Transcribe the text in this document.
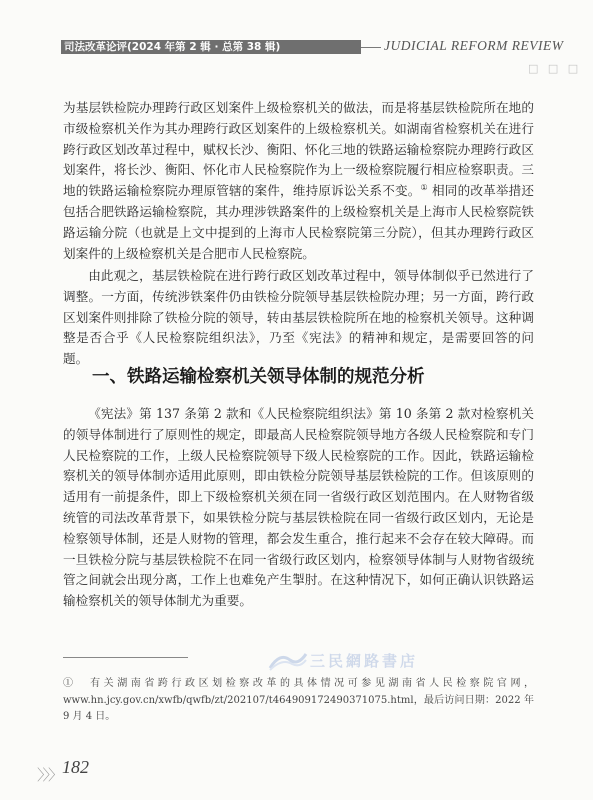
司法改革论评(2024 年第 2 辑 · 总第 38 辑)	JUDICIAL REFORM REVIEW
□ □ □

为基层铁检院办理跨行政区划案件上级检察机关的做法，而是将基层铁检院所在地的市级检察机关作为其办理跨行政区划案件的上级检察机关。如湖南省检察机关在进行跨行政区划改革过程中，赋权长沙、衡阳、怀化三地的铁路运输检察院办理跨行政区划案件，将长沙、衡阳、怀化市人民检察院作为上一级检察院履行相应检察职责。三地的铁路运输检察院办理原管辖的案件，维持原诉讼关系不变。① 相同的改革举措还包括合肥铁路运输检察院，其办理涉铁路案件的上级检察机关是上海市人民检察院铁路运输分院（也就是上文中提到的上海市人民检察院第三分院），但其办理跨行政区划案件的上级检察机关是合肥市人民检察院。

由此观之，基层铁检院在进行跨行政区划改革过程中，领导体制似乎已然进行了调整。一方面，传统涉铁案件仍由铁检分院领导基层铁检院办理；另一方面，跨行政区划案件则排除了铁检分院的领导，转由基层铁检院所在地的检察机关领导。这种调整是否合乎《人民检察院组织法》，乃至《宪法》的精神和规定，是需要回答的问题。

一、铁路运输检察机关领导体制的规范分析

《宪法》第 137 条第 2 款和《人民检察院组织法》第 10 条第 2 款对检察机关的领导体制进行了原则性的规定，即最高人民检察院领导地方各级人民检察院和专门人民检察院的工作，上级人民检察院领导下级人民检察院的工作。因此，铁路运输检察机关的领导体制亦适用此原则，即由铁检分院领导基层铁检院的工作。但该原则的适用有一前提条件，即上下级检察机关须在同一省级行政区划范围内。在人财物省级统管的司法改革背景下，如果铁检分院与基层铁检院在同一省级行政区划内，无论是检察领导体制，还是人财物的管理，都会发生重合，推行起来不会存在较大障碍。而一旦铁检分院与基层铁检院不在同一省级行政区划内，检察领导体制与人财物省级统管之间就会出现分离，工作上也难免产生掣肘。在这种情况下，如何正确认识铁路运输检察机关的领导体制尤为重要。

三民網路書店

①　有关湖南省跨行政区划检察改革的具体情况可参见湖南省人民检察院官网，www.hn.jcy.gov.cn/xwfb/qwfb/zt/202107/t4649091724903710​75.html，最后访问日期：2022 年 9 月 4 日。

〉〉〉 182
